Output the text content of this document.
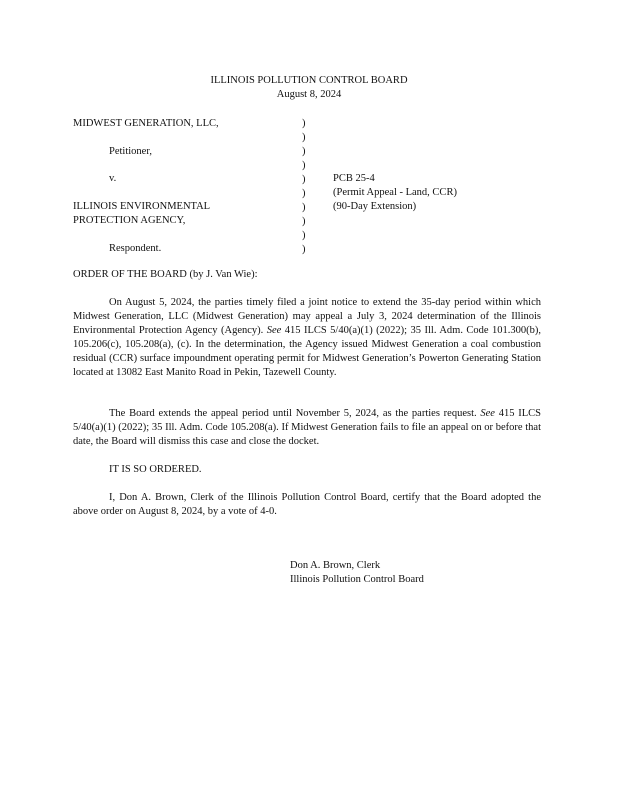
ILLINOIS POLLUTION CONTROL BOARD
August 8, 2024
MIDWEST GENERATION, LLC,
Petitioner,
v.
ILLINOIS ENVIRONMENTAL
PROTECTION AGENCY,
Respondent.
)
)
)
)
)
)
)
)
)
)
PCB 25-4
(Permit Appeal - Land, CCR)
(90-Day Extension)
ORDER OF THE BOARD (by J. Van Wie):

On August 5, 2024, the parties timely filed a joint notice to extend the 35-day period within which Midwest Generation, LLC (Midwest Generation) may appeal a July 3, 2024 determination of the Illinois Environmental Protection Agency (Agency). See 415 ILCS 5/40(a)(1) (2022); 35 Ill. Adm. Code 101.300(b), 105.206(c), 105.208(a), (c). In the determination, the Agency issued Midwest Generation a coal combustion residual (CCR) surface impoundment operating permit for Midwest Generation’s Powerton Generating Station located at 13082 East Manito Road in Pekin, Tazewell County.

The Board extends the appeal period until November 5, 2024, as the parties request. See 415 ILCS 5/40(a)(1) (2022); 35 Ill. Adm. Code 105.208(a). If Midwest Generation fails to file an appeal on or before that date, the Board will dismiss this case and close the docket.

IT IS SO ORDERED.

I, Don A. Brown, Clerk of the Illinois Pollution Control Board, certify that the Board adopted the above order on August 8, 2024, by a vote of 4-0.

Don A. Brown, Clerk
Illinois Pollution Control Board
